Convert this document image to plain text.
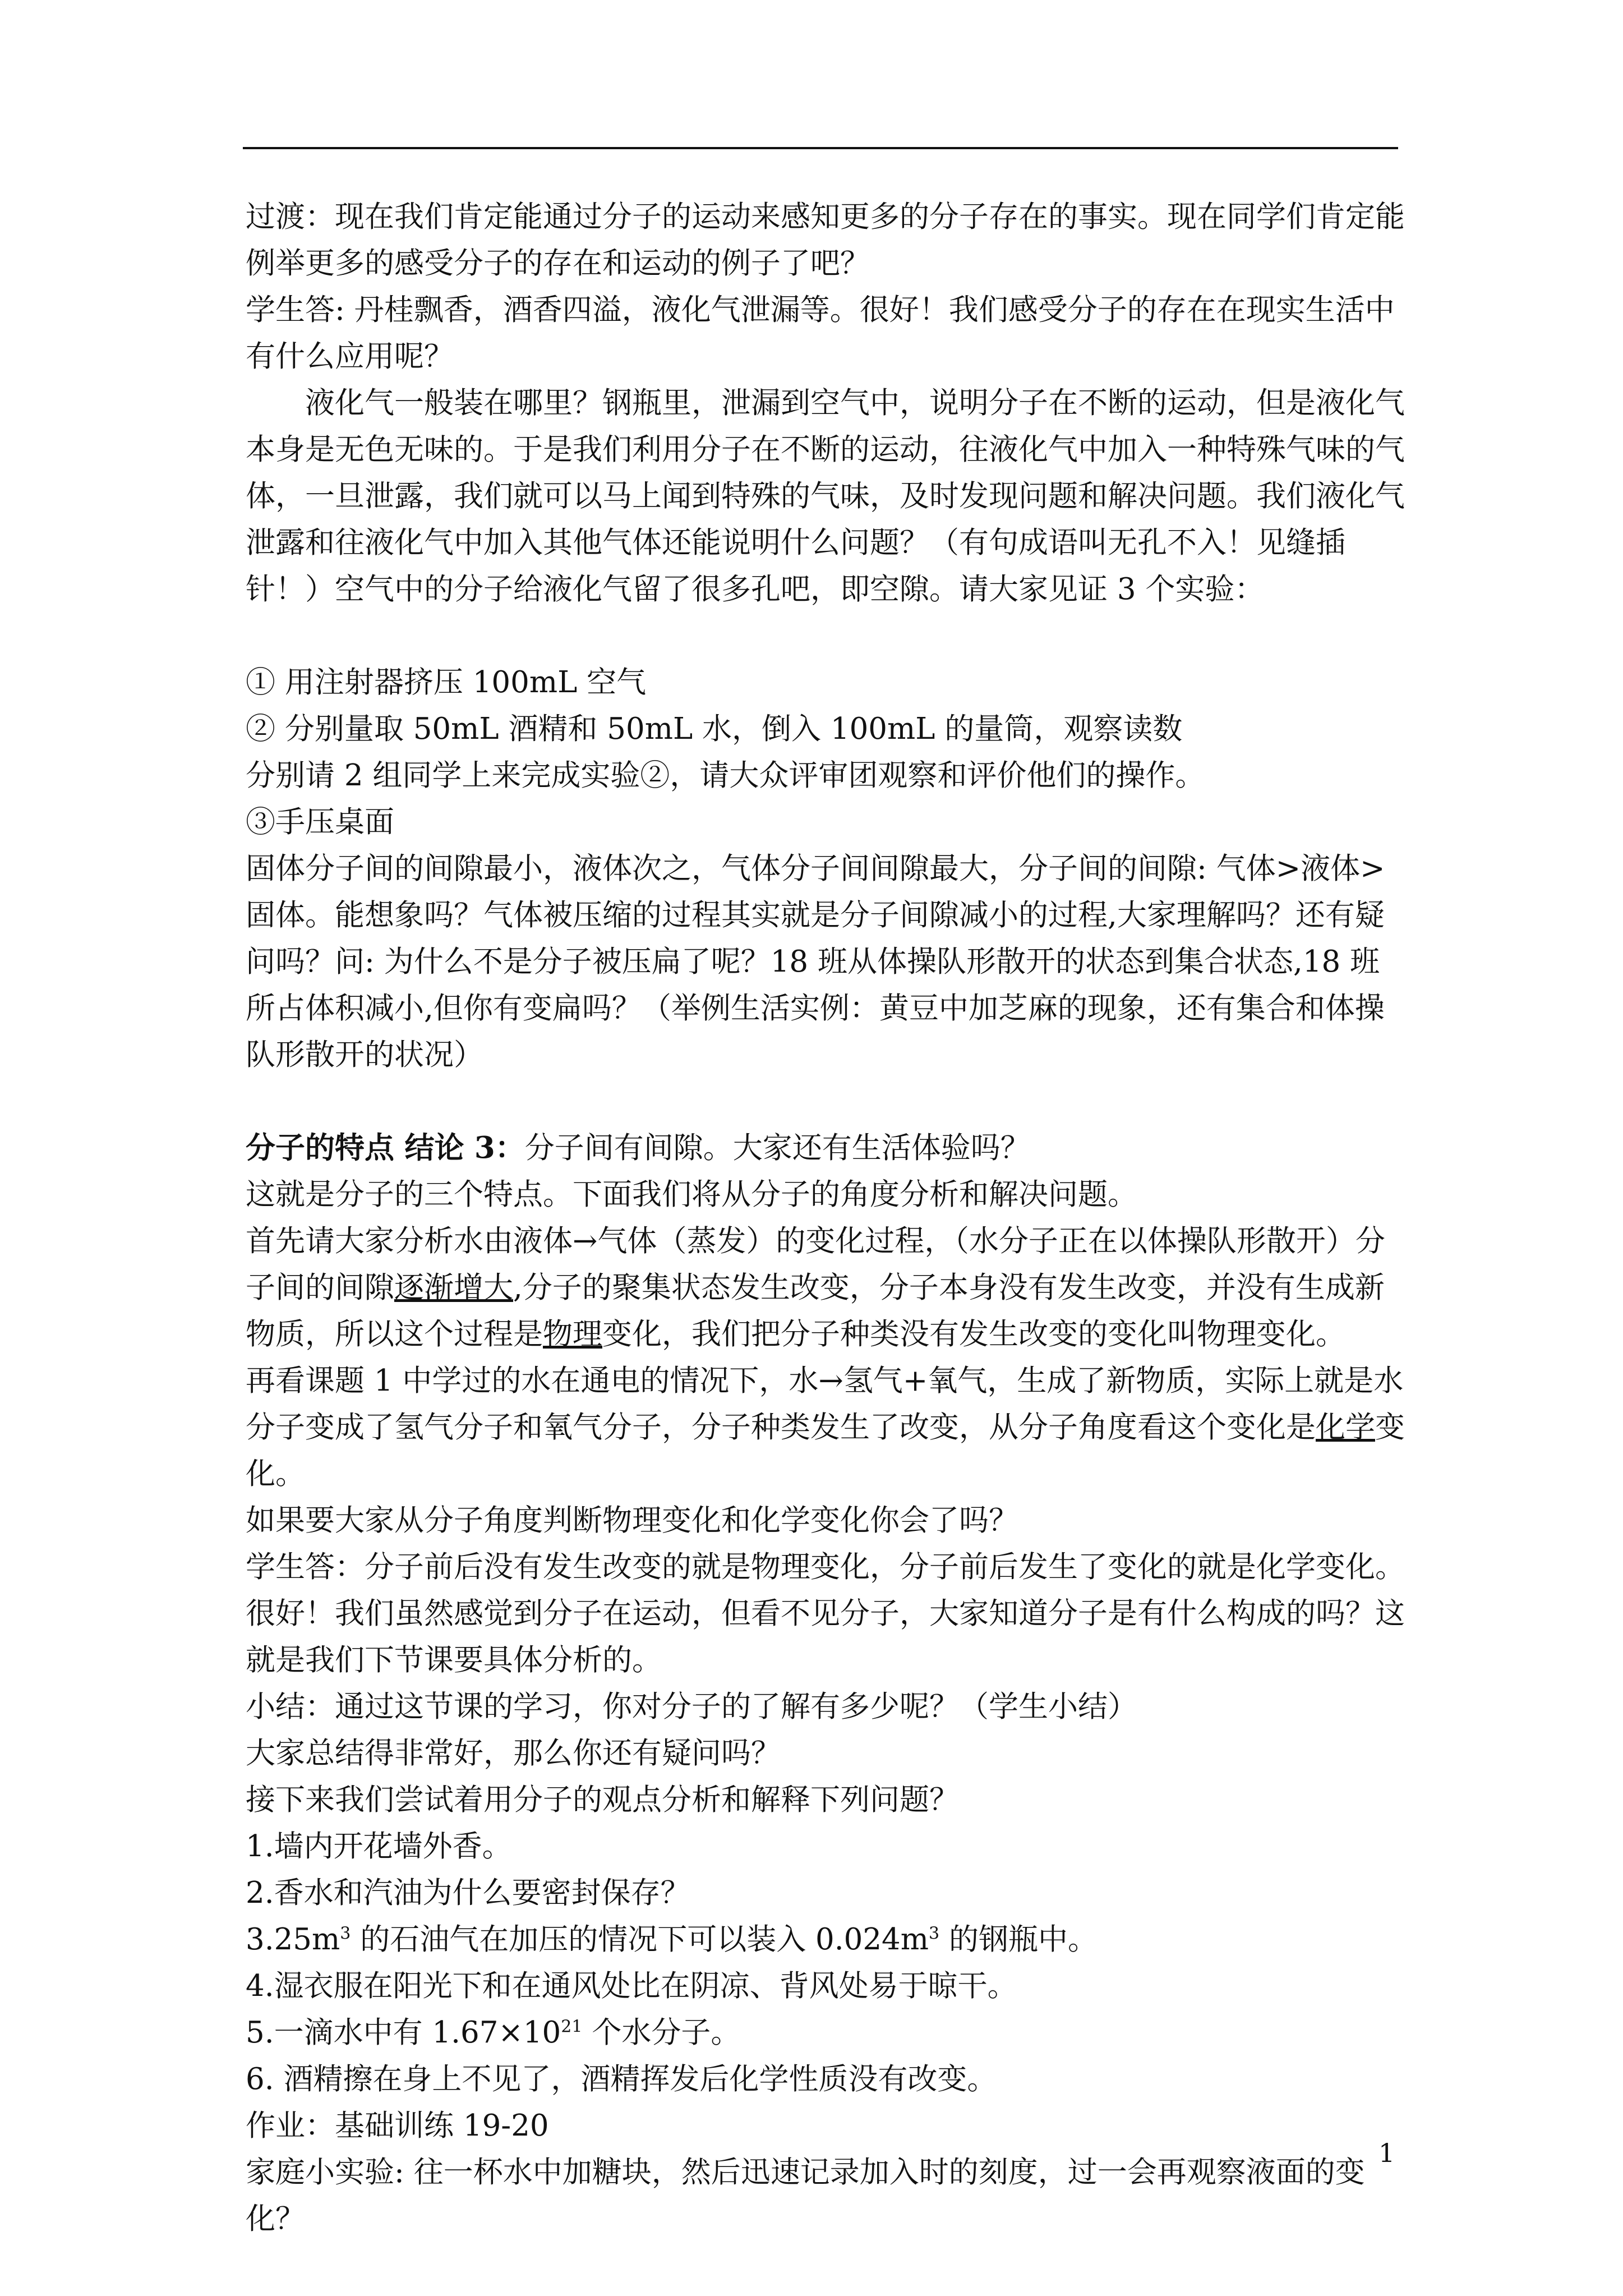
过渡：现在我们肯定能通过分子的运动来感知更多的分子存在的事实。现在同学们肯定能例举更多的感受分子的存在和运动的例子了吧？

学生答: 丹桂飘香，酒香四溢，液化气泄漏等。很好！我们感受分子的存在在现实生活中有什么应用呢？

液化气一般装在哪里？钢瓶里，泄漏到空气中，说明分子在不断的运动，但是液化气本身是无色无味的。于是我们利用分子在不断的运动，往液化气中加入一种特殊气味的气体，一旦泄露，我们就可以马上闻到特殊的气味，及时发现问题和解决问题。我们液化气泄露和往液化气中加入其他气体还能说明什么问题？（有句成语叫无孔不入！见缝插针！）空气中的分子给液化气留了很多孔吧，即空隙。请大家见证 3 个实验：

① 用注射器挤压 100mL 空气

② 分别量取 50mL 酒精和 50mL 水，倒入 100mL 的量筒，观察读数

分别请 2 组同学上来完成实验②，请大众评审团观察和评价他们的操作。

③手压桌面

固体分子间的间隙最小，液体次之，气体分子间间隙最大，分子间的间隙: 气体>液体>固体。能想象吗？气体被压缩的过程其实就是分子间隙减小的过程,大家理解吗？还有疑问吗？问: 为什么不是分子被压扁了呢？18 班从体操队形散开的状态到集合状态,18 班所占体积减小,但你有变扁吗？（举例生活实例：黄豆中加芝麻的现象，还有集合和体操队形散开的状况）

分子的特点 结论 3：分子间有间隙。大家还有生活体验吗？

这就是分子的三个特点。下面我们将从分子的角度分析和解决问题。

首先请大家分析水由液体→气体（蒸发）的变化过程，（水分子正在以体操队形散开）分子间的间隙逐渐增大,分子的聚集状态发生改变，分子本身没有发生改变，并没有生成新物质，所以这个过程是物理变化，我们把分子种类没有发生改变的变化叫物理变化。

再看课题 1 中学过的水在通电的情况下，水→氢气+氧气，生成了新物质，实际上就是水分子变成了氢气分子和氧气分子，分子种类发生了改变，从分子角度看这个变化是化学变化。

如果要大家从分子角度判断物理变化和化学变化你会了吗？

学生答：分子前后没有发生改变的就是物理变化，分子前后发生了变化的就是化学变化。

很好！我们虽然感觉到分子在运动，但看不见分子，大家知道分子是有什么构成的吗？这就是我们下节课要具体分析的。

小结：通过这节课的学习，你对分子的了解有多少呢？（学生小结）

大家总结得非常好，那么你还有疑问吗？

接下来我们尝试着用分子的观点分析和解释下列问题？

1.墙内开花墙外香。

2.香水和汽油为什么要密封保存？

$3.25m^3$ 的石油气在加压的情况下可以装入 $0.024m^3$ 的钢瓶中。

4.湿衣服在阳光下和在通风处比在阴凉、背风处易于晾干。

5.一滴水中有 $1.67\times 10^{21}$ 个水分子。

6. 酒精擦在身上不见了，酒精挥发后化学性质没有改变。

作业：基础训练 19-20

家庭小实验: 往一杯水中加糖块，然后迅速记录加入时的刻度，过一会再观察液面的变化？

1
